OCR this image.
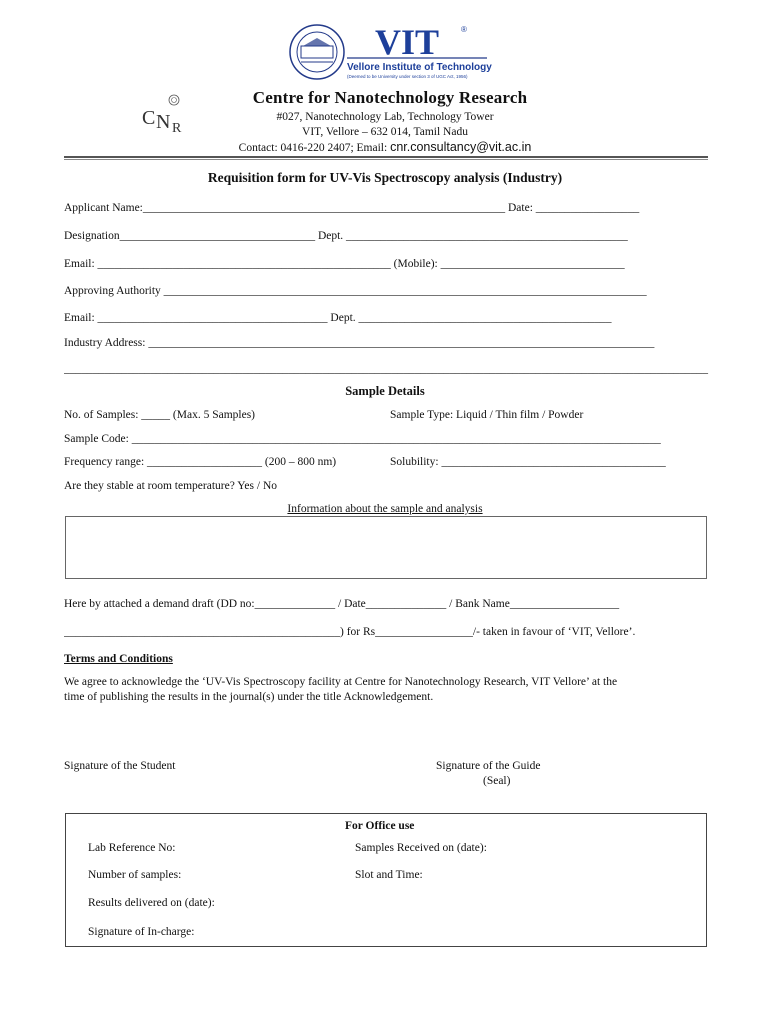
VIT	®
Vellore Institute of Technology
(Deemed to be University under section 3 of UGC Act, 1956)
C N R
Centre for Nanotechnology Research
#027, Nanotechnology Lab, Technology Tower
VIT, Vellore – 632 014, Tamil Nadu
Contact: 0416-220 2407; Email: cnr.consultancy@vit.ac.in
Requisition form for UV-Vis Spectroscopy analysis (Industry)
Applicant Name:_______________________________________________________________ Date: __________________
Designation__________________________________ Dept. _________________________________________________
Email: ___________________________________________________ (Mobile): ________________________________
Approving Authority ____________________________________________________________________________________
Email: ________________________________________ Dept. ____________________________________________
Industry Address: ________________________________________________________________________________________
________________________________________________________________________________________________________________
Sample Details
No. of Samples: _____ (Max. 5 Samples)	Sample Type: Liquid / Thin film / Powder
Sample Code: ____________________________________________________________________________________________
Frequency range: ____________________ (200 – 800 nm)	Solubility: _______________________________________
Are they stable at room temperature? Yes / No
Information about the sample and analysis
Here by attached a demand draft (DD no:______________ / Date______________ / Bank Name___________________
________________________________________________) for Rs_________________/- taken in favour of ‘VIT, Vellore’.
Terms and Conditions
We agree to acknowledge the ‘UV-Vis Spectroscopy facility at Centre for Nanotechnology Research, VIT Vellore’ at the
time of publishing the results in the journal(s) under the title Acknowledgement.
Signature of the Student	Signature of the Guide
(Seal)
For Office use
Lab Reference No:	Samples Received on (date):
Number of samples:	Slot and Time:
Results delivered on (date):
Signature of In-charge:
